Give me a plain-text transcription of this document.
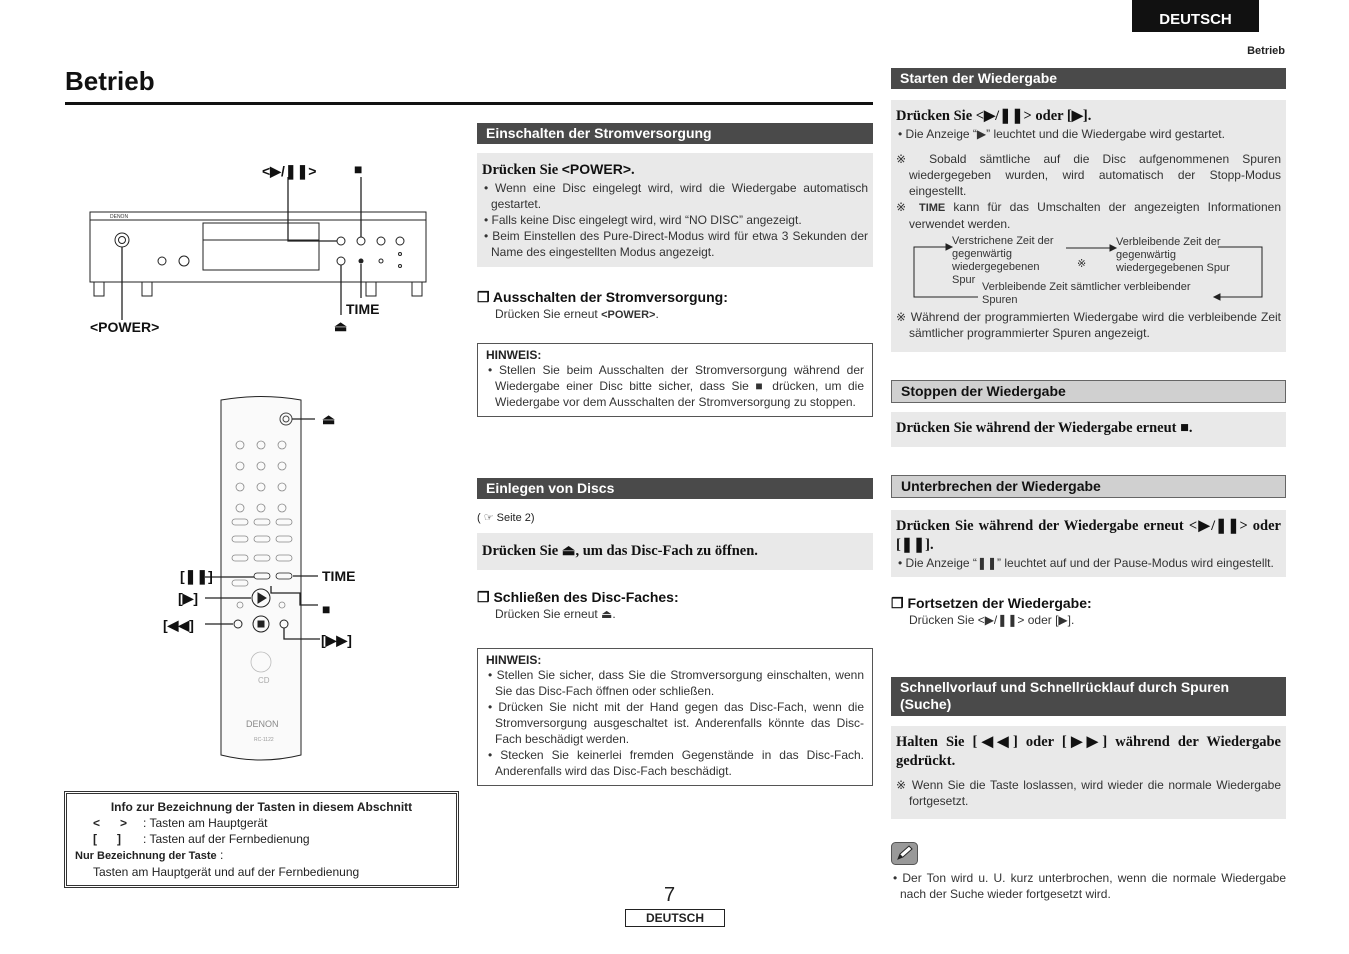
DEUTSCH
Betrieb
Betrieb
DENON
<▶/❚❚>	■
TIME
<POWER>	⏏
CD
DENON
RC-1122
⏏
[❚❚]
[▶]
[◀◀]
TIME
■
[▶▶]
Info zur Bezeichnung der Tasten in diesem Abschnitt
<      > : Tasten am Hauptgerät
[      ] : Tasten auf der Fernbedienung
Nur Bezeichnung der Taste :
Tasten am Hauptgerät und auf der Fernbedienung
Einschalten der Stromversorgung
Drücken Sie <POWER>.
• Wenn eine Disc eingelegt wird, wird die Wiedergabe automatisch gestartet.
• Falls keine Disc eingelegt wird, wird “NO DISC” angezeigt.
• Beim Einstellen des Pure-Direct-Modus wird für etwa 3 Sekunden der Name des eingestellten Modus angezeigt.
❒ Ausschalten der Stromversorgung:
Drücken Sie erneut <POWER>.
HINWEIS:
• Stellen Sie beim Ausschalten der Stromversorgung während der Wiedergabe einer Disc bitte sicher, dass Sie ■ drücken, um die Wiedergabe vor dem Ausschalten der Stromversorgung zu stoppen.
Einlegen von Discs
( ☞ Seite 2)
Drücken Sie ⏏, um das Disc-Fach zu öffnen.
❒ Schließen des Disc-Faches:
Drücken Sie erneut ⏏.
HINWEIS:
• Stellen Sie sicher, dass Sie die Stromversorgung einschalten, wenn Sie das Disc-Fach öffnen oder schließen.
• Drücken Sie nicht mit der Hand gegen das Disc-Fach, wenn die Stromversorgung ausgeschaltet ist. Anderenfalls könnte das Disc-Fach beschädigt werden.
• Stecken Sie keinerlei fremden Gegenstände in das Disc-Fach. Anderenfalls wird das Disc-Fach beschädigt.
Starten der Wiedergabe
Drücken Sie <▶/❚❚> oder [▶].
• Die Anzeige “▶” leuchtet und die Wiedergabe wird gestartet.
※ Sobald sämtliche auf die Disc aufgenommenen Spuren wiedergegeben wurden, wird automatisch der Stopp-Modus eingestellt.
※ TIME kann für das Umschalten der angezeigten Informationen verwendet werden.
Verstrichene Zeit der gegenwärtig wiedergegebenen Spur
Verbleibende Zeit der gegenwärtig wiedergegebenen Spur
Verbleibende Zeit sämtlicher verbleibender Spuren
※
※ Während der programmierten Wiedergabe wird die verbleibende Zeit sämtlicher programmierter Spuren angezeigt.
Stoppen der Wiedergabe
Drücken Sie während der Wiedergabe erneut ■.
Unterbrechen der Wiedergabe
Drücken Sie während der Wiedergabe erneut <▶/❚❚> oder [❚❚].
• Die Anzeige “❚❚” leuchtet auf und der Pause-Modus wird eingestellt.
❒ Fortsetzen der Wiedergabe:
Drücken Sie <▶/❚❚> oder [▶].
Schnellvorlauf und Schnellrücklauf durch Spuren (Suche)
Halten Sie [◀◀] oder [▶▶] während der Wiedergabe gedrückt.
※ Wenn Sie die Taste loslassen, wird wieder die normale Wiedergabe fortgesetzt.
• Der Ton wird u. U. kurz unterbrochen, wenn die normale Wiedergabe nach der Suche wieder fortgesetzt wird.
7
DEUTSCH
